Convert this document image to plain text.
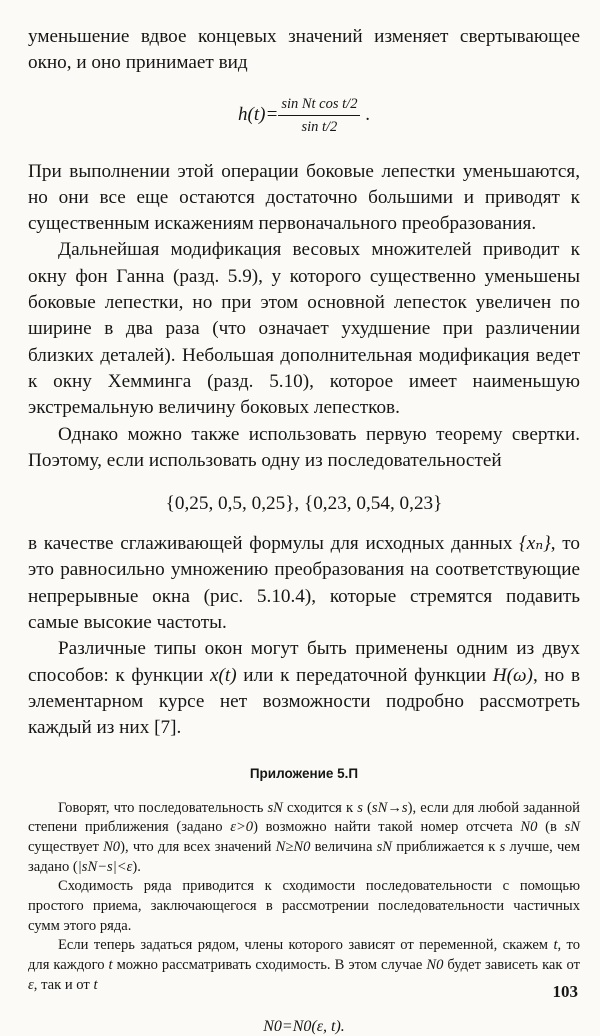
уменьшение вдвое концевых значений изменяет свертывающее окно, и оно принимает вид

$h(t)= \frac{\text{sin Nt cos t/2}}{\text{sin t/2}}$ .

При выполнении этой операции боковые лепестки уменьшаются, но они все еще остаются достаточно большими и приводят к существенным искажениям первоначального преобразования.

Дальнейшая модификация весовых множителей приводит к окну фон Ганна (разд. 5.9), у которого существенно уменьшены боковые лепестки, но при этом основной лепесток увеличен по ширине в два раза (что означает ухудшение при различении близких деталей). Небольшая дополнительная модификация ведет к окну Хемминга (разд. 5.10), которое имеет наименьшую экстремальную величину боковых лепестков.

Однако можно также использовать первую теорему свертки. Поэтому, если использовать одну из последовательностей

{0,25, 0,5, 0,25}, {0,23, 0,54, 0,23}

в качестве сглаживающей формулы для исходных данных {xₙ}, то это равносильно умножению преобразования на соответствующие непрерывные окна (рис. 5.10.4), которые стремятся подавить самые высокие частоты.

Различные типы окон могут быть применены одним из двух способов: к функции x(t) или к передаточной функции H(ω), но в элементарном курсе нет возможности подробно рассмотреть каждый из них [7].

Приложение 5.П

Говорят, что последовательность sN сходится к s (sN→s), если для любой заданной степени приближения (задано ε>0) возможно найти такой номер отсчета N0 (в sN существует N0), что для всех значений N≥N0 величина sN приближается к s лучше, чем задано (|sN−s|<ε).

Сходимость ряда приводится к сходимости последовательности с помощью простого приема, заключающегося в рассмотрении последовательности частичных сумм этого ряда.

Если теперь задаться рядом, члены которого зависят от переменной, скажем t, то для каждого t можно рассматривать сходимость. В этом случае N0 будет зависеть как от ε, так и от t

N0=N0(ε, t).

103
